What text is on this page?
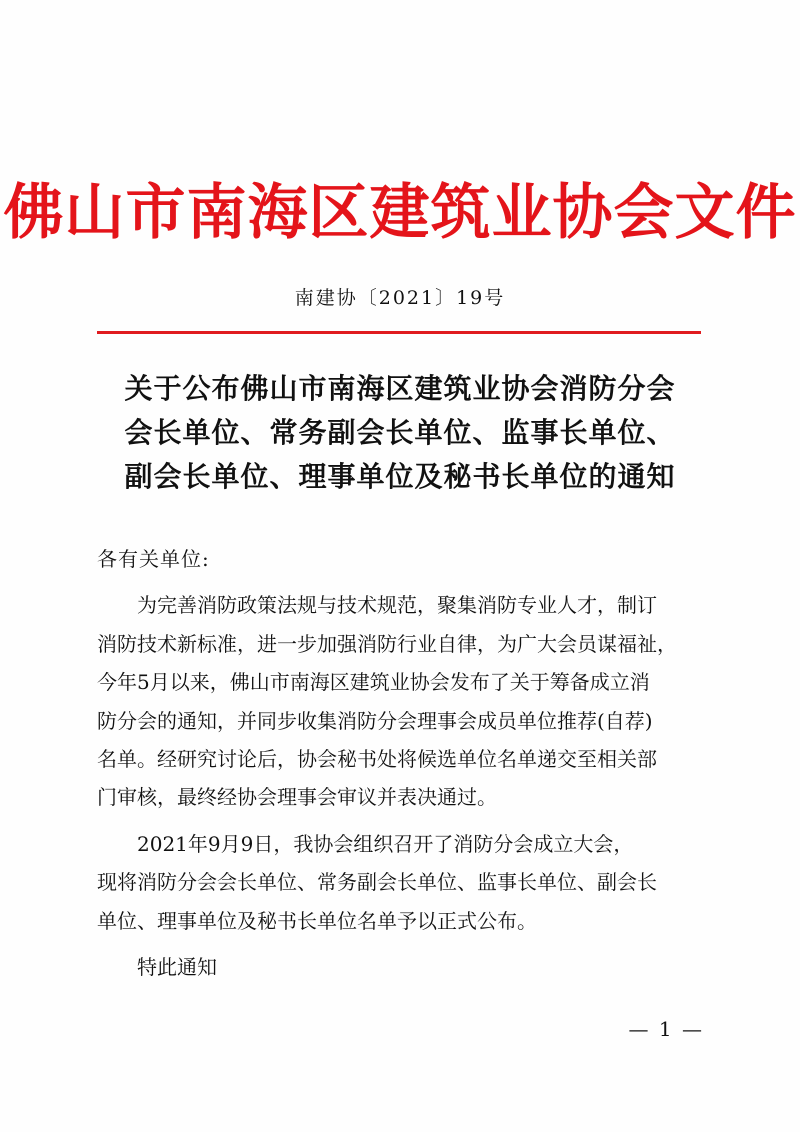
佛山市南海区建筑业协会文件
南建协〔2021〕19号
关于公布佛山市南海区建筑业协会消防分会
会长单位、常务副会长单位、监事长单位、
副会长单位、理事单位及秘书长单位的通知
各有关单位:
为完善消防政策法规与技术规范，聚集消防专业人才，制订
消防技术新标准，进一步加强消防行业自律，为广大会员谋福祉，
今年5月以来，佛山市南海区建筑业协会发布了关于筹备成立消
防分会的通知，并同步收集消防分会理事会成员单位推荐(自荐)
名单。经研究讨论后，协会秘书处将候选单位名单递交至相关部
门审核，最终经协会理事会审议并表决通过。
2021年9月9日，我协会组织召开了消防分会成立大会，
现将消防分会会长单位、常务副会长单位、监事长单位、副会长
单位、理事单位及秘书长单位名单予以正式公布。
特此通知
— 1 —
